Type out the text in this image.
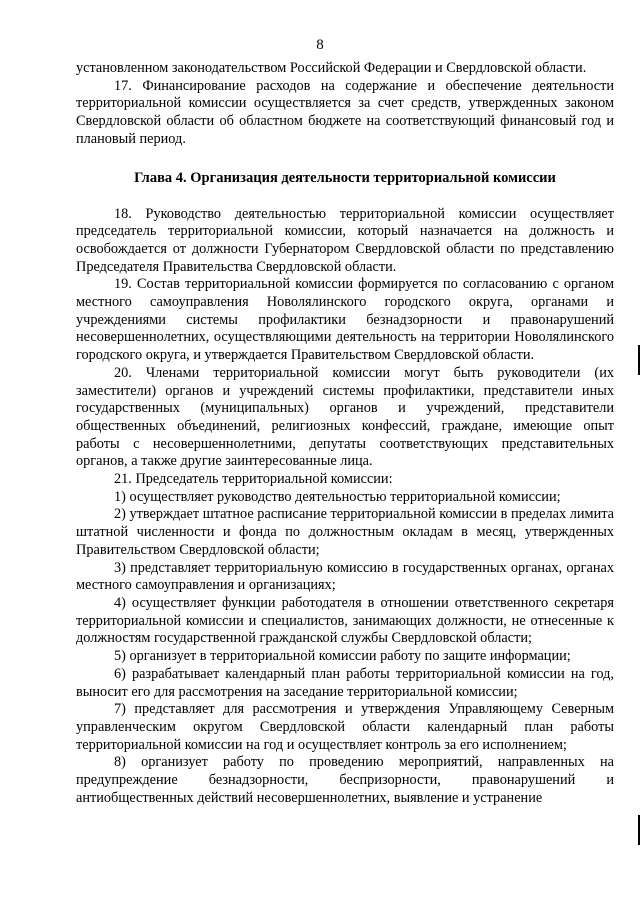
8

установленном законодательством Российской Федерации и Свердловской области.

17. Финансирование расходов на содержание и обеспечение деятельности территориальной комиссии осуществляется за счет средств, утвержденных законом Свердловской области об областном бюджете на соответствующий финансовый год и плановый период.

Глава 4. Организация деятельности территориальной комиссии

18. Руководство деятельностью территориальной комиссии осуществляет председатель территориальной комиссии, который назначается на должность и освобождается от должности Губернатором Свердловской области по представлению Председателя Правительства Свердловской области.

19. Состав территориальной комиссии формируется по согласованию с органом местного самоуправления Новолялинского городского округа, органами и учреждениями системы профилактики безнадзорности и правонарушений несовершеннолетних, осуществляющими деятельность на территории Новолялинского городского округа, и утверждается Правительством Свердловской области.

20. Членами территориальной комиссии могут быть руководители (их заместители) органов и учреждений системы профилактики, представители иных государственных (муниципальных) органов и учреждений, представители общественных объединений, религиозных конфессий, граждане, имеющие опыт работы с несовершеннолетними, депутаты соответствующих представительных органов, а также другие заинтересованные лица.

21. Председатель территориальной комиссии:

1) осуществляет руководство деятельностью территориальной комиссии;

2) утверждает штатное расписание территориальной комиссии в пределах лимита штатной численности и фонда по должностным окладам в месяц, утвержденных Правительством Свердловской области;

3) представляет территориальную комиссию в государственных органах, органах местного самоуправления и организациях;

4) осуществляет функции работодателя в отношении ответственного секретаря территориальной комиссии и специалистов, занимающих должности, не отнесенные к должностям государственной гражданской службы Свердловской области;

5) организует в территориальной комиссии работу по защите информации;

6) разрабатывает календарный план работы территориальной комиссии на год, выносит его для рассмотрения на заседание территориальной комиссии;

7) представляет для рассмотрения и утверждения Управляющему Северным управленческим округом Свердловской области календарный план работы территориальной комиссии на год и осуществляет контроль за его исполнением;

8) организует работу по проведению мероприятий, направленных на предупреждение безнадзорности, беспризорности, правонарушений и антиобщественных действий несовершеннолетних, выявление и устранение
